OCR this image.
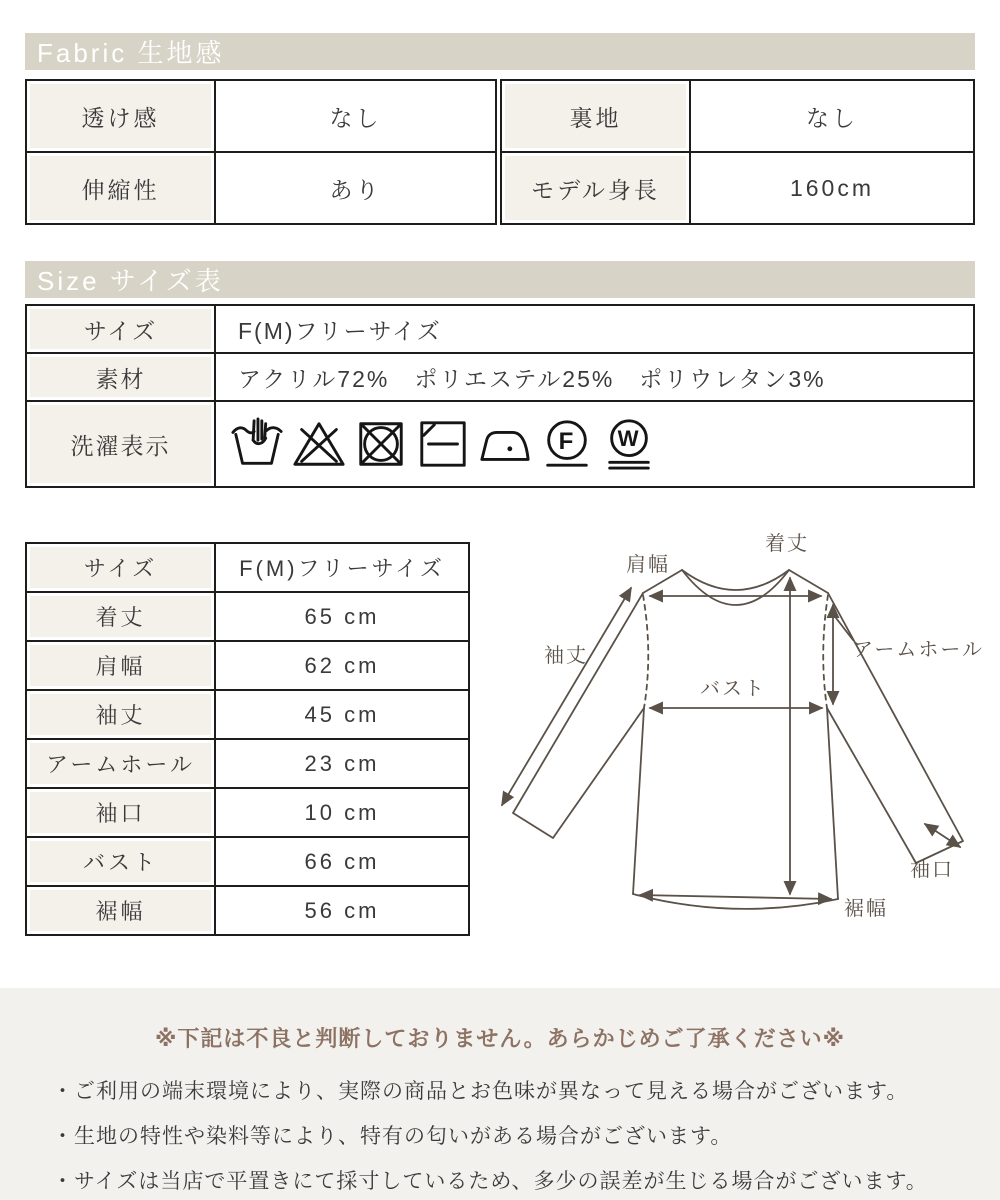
Fabric 生地感
透け感	なし
伸縮性	あり
裏地	なし
モデル身長	160cm
Size サイズ表
サイズ	F(M)フリーサイズ
素材	アクリル72%　ポリエステル25%　ポリウレタン3%
洗濯表示	F W
サイズ	F(M)フリーサイズ
着丈	65 cm
肩幅	62 cm
袖丈	45 cm
アームホール	23 cm
袖口	10 cm
バスト	66 cm
裾幅	56 cm
肩幅
着丈
袖丈	アームホール
バスト
袖口
裾幅
※下記は不良と判断しておりません。あらかじめご了承ください※
・ご利用の端末環境により、実際の商品とお色味が異なって見える場合がございます。
・生地の特性や染料等により、特有の匂いがある場合がございます。
・サイズは当店で平置きにて採寸しているため、多少の誤差が生じる場合がございます。
